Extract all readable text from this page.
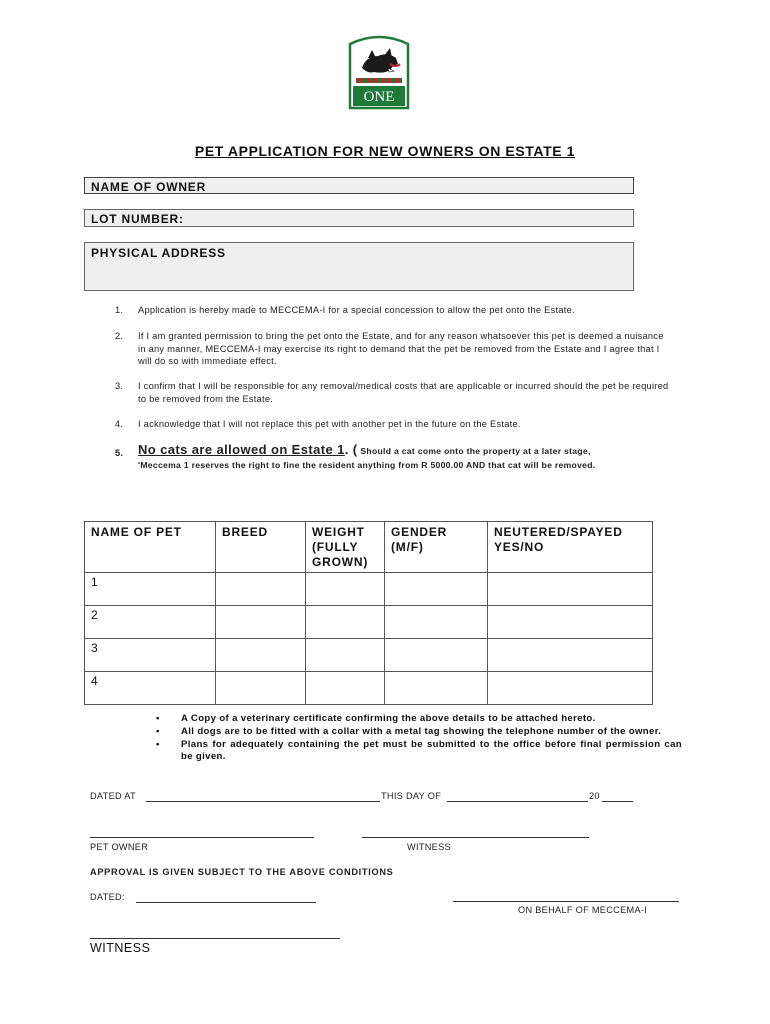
ONE
PET APPLICATION FOR NEW OWNERS ON ESTATE 1
NAME OF OWNER
LOT NUMBER:
PHYSICAL ADDRESS
1. Application is hereby made to MECCEMA-I for a special concession to allow the pet onto the Estate.
2. If I am granted permission to bring the pet onto the Estate, and for any reason whatsoever this pet is deemed a nuisance in any manner, MECCEMA-I may exercise its right to demand that the pet be removed from the Estate and I agree that I will do so with immediate effect.
3. I confirm that I will be responsible for any removal/medical costs that are applicable or incurred should the pet be required to be removed from the Estate.
4. I acknowledge that I will not replace this pet with another pet in the future on the Estate.
5. No cats are allowed on Estate 1. ( Should a cat come onto the property at a later stage,
'Meccema 1 reserves the right to fine the resident anything from R 5000.00 AND that cat will be removed.
NAME OF PET	BREED	WEIGHT (FULLY GROWN)	GENDER (M/F)	NEUTERED/SPAYED YES/NO
1				
2				
3				
4				
• A Copy of a veterinary certificate confirming the above details to be attached hereto.
• All dogs are to be fitted with a collar with a metal tag showing the telephone number of the owner.
• Plans for adequately containing the pet must be submitted to the office before final permission can be given.
DATED AT	THIS DAY OF	20
PET OWNER	WITNESS
APPROVAL IS GIVEN SUBJECT TO THE ABOVE CONDITIONS
DATED:
ON BEHALF OF MECCEMA-I
WITNESS
